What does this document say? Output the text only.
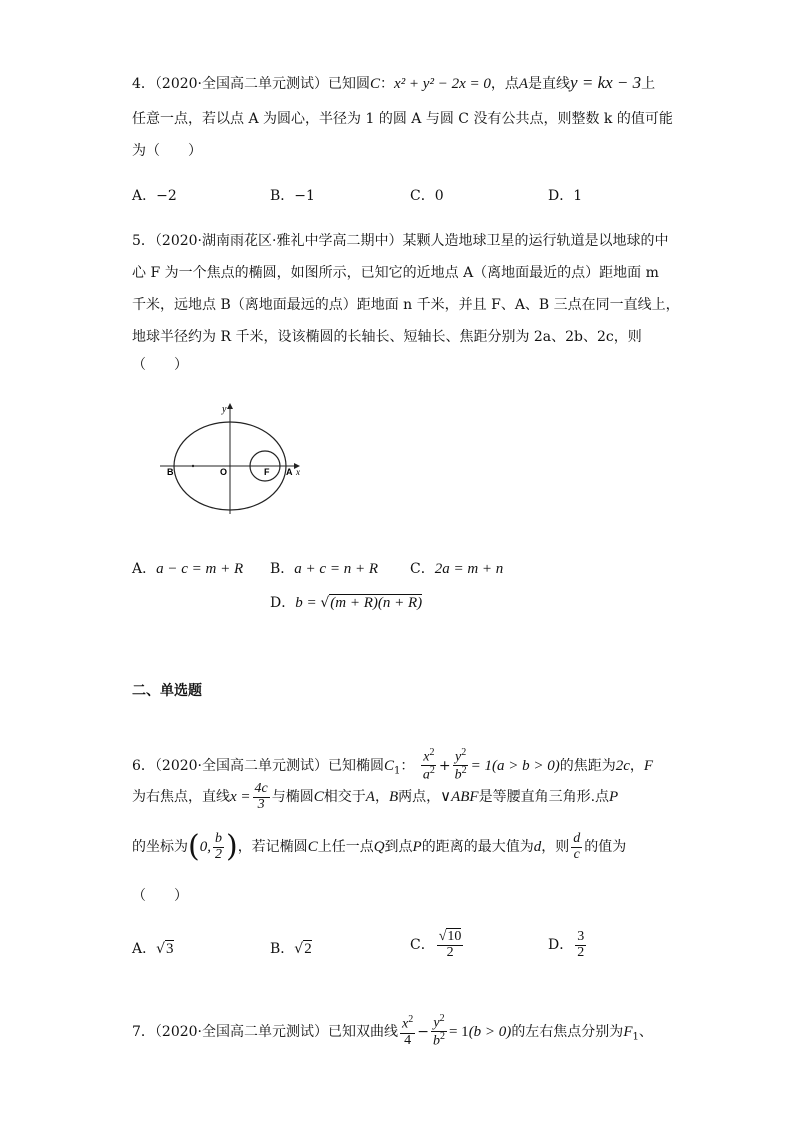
4．（2020·全国高二单元测试）已知圆C：x² + y² − 2x = 0，点A是直线y = kx − 3上
任意一点，若以点 A 为圆心，半径为 1 的圆 A 与圆 C 没有公共点，则整数 k 的值可能
为（　　）
A．−2	B．−1	C．0	D．1
5．（2020·湖南雨花区·雅礼中学高二期中）某颗人造地球卫星的运行轨道是以地球的中
心 F 为一个焦点的椭圆，如图所示，已知它的近地点 A（离地面最近的点）距地面 m
千米，远地点 B（离地面最远的点）距地面 n 千米，并且 F、A、B 三点在同一直线上，
地球半径约为 R 千米，设该椭圆的长轴长、短轴长、焦距分别为 2a、2b、2c，则
（　　）
y
B	O	F A x
A．a − c = m + R B．a + c = n + R C．2a = m + n
D．b = √(m + R)(n + R)
二、单选题
6．（2020·全国高二单元测试）已知椭圆$C_1$： $\frac{x^2}{a^2} + \frac{y^2}{b^2} = 1(a > b > 0)$的焦距为2c，F
为右焦点，直线$x = \frac{4c}{3}$ 与椭圆C相交于A，B两点，∨ABF是等腰直角三角形.点P
的坐标为(0, $\frac{b}{2}$ )，若记椭圆C上任一点Q到点P的距离的最大值为d，则 $\frac{d}{c}$ 的值为
（　　）
A．√3	B．√2	C． $\frac{√10}{2}$	D． $\frac{3}{2}$
7．（2020·全国高二单元测试）已知双曲线 $\frac{x^2}{4} - \frac{y^2}{b^2} = 1(b > 0)$的左右焦点分别为$F_1$、
